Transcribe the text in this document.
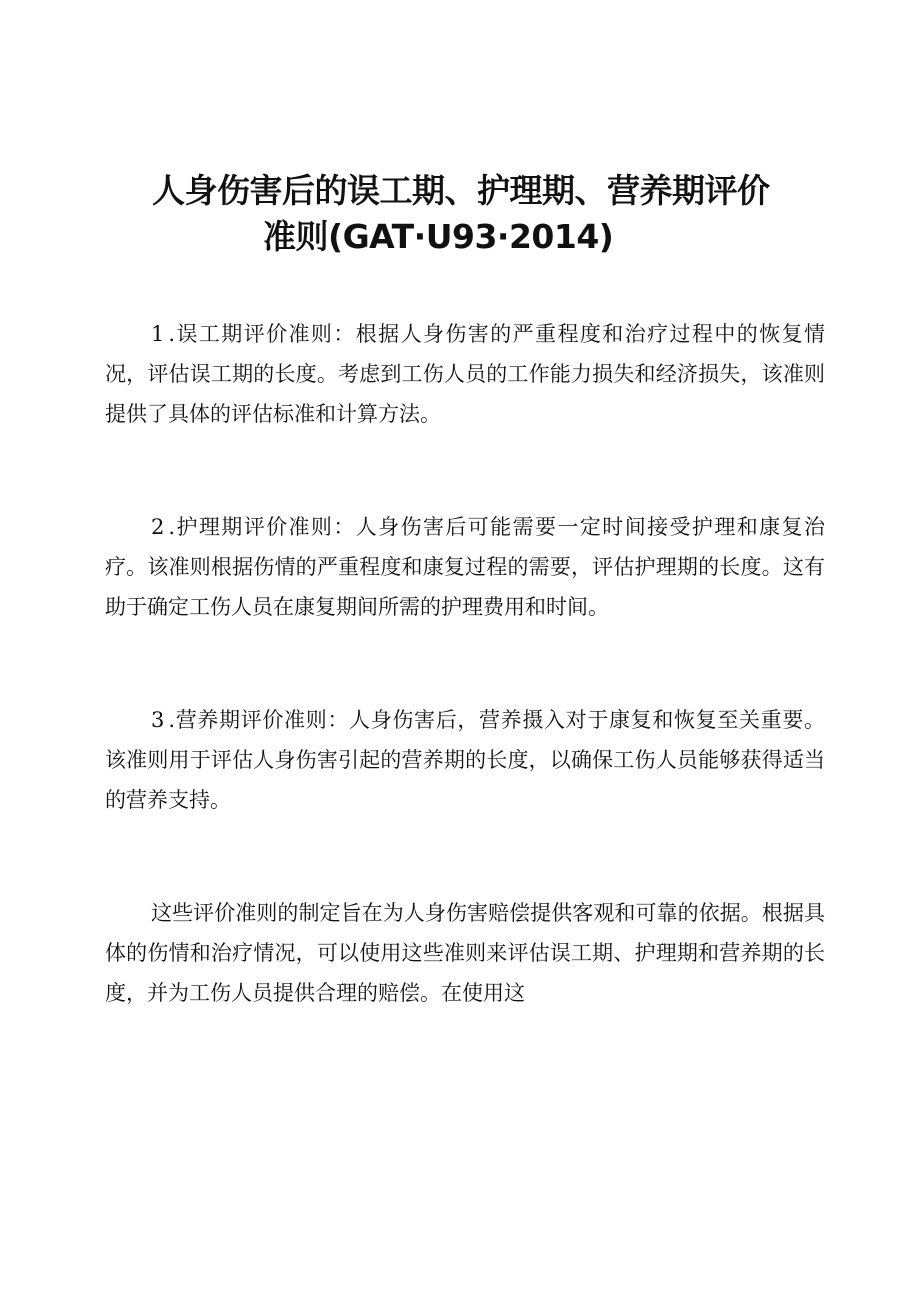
人身伤害后的误工期、护理期、营养期评价
准则(GAT·U93·2014)

1 .误工期评价准则：根据人身伤害的严重程度和治疗过程中的恢复情况，评估误工期的长度。考虑到工伤人员的工作能力损失和经济损失，该准则提供了具体的评估标准和计算方法。

2 .护理期评价准则：人身伤害后可能需要一定时间接受护理和康复治疗。该准则根据伤情的严重程度和康复过程的需要，评估护理期的长度。这有助于确定工伤人员在康复期间所需的护理费用和时间。

3 .营养期评价准则：人身伤害后，营养摄入对于康复和恢复至关重要。该准则用于评估人身伤害引起的营养期的长度，以确保工伤人员能够获得适当的营养支持。

这些评价准则的制定旨在为人身伤害赔偿提供客观和可靠的依据。根据具体的伤情和治疗情况，可以使用这些准则来评估误工期、护理期和营养期的长度，并为工伤人员提供合理的赔偿。在使用这
